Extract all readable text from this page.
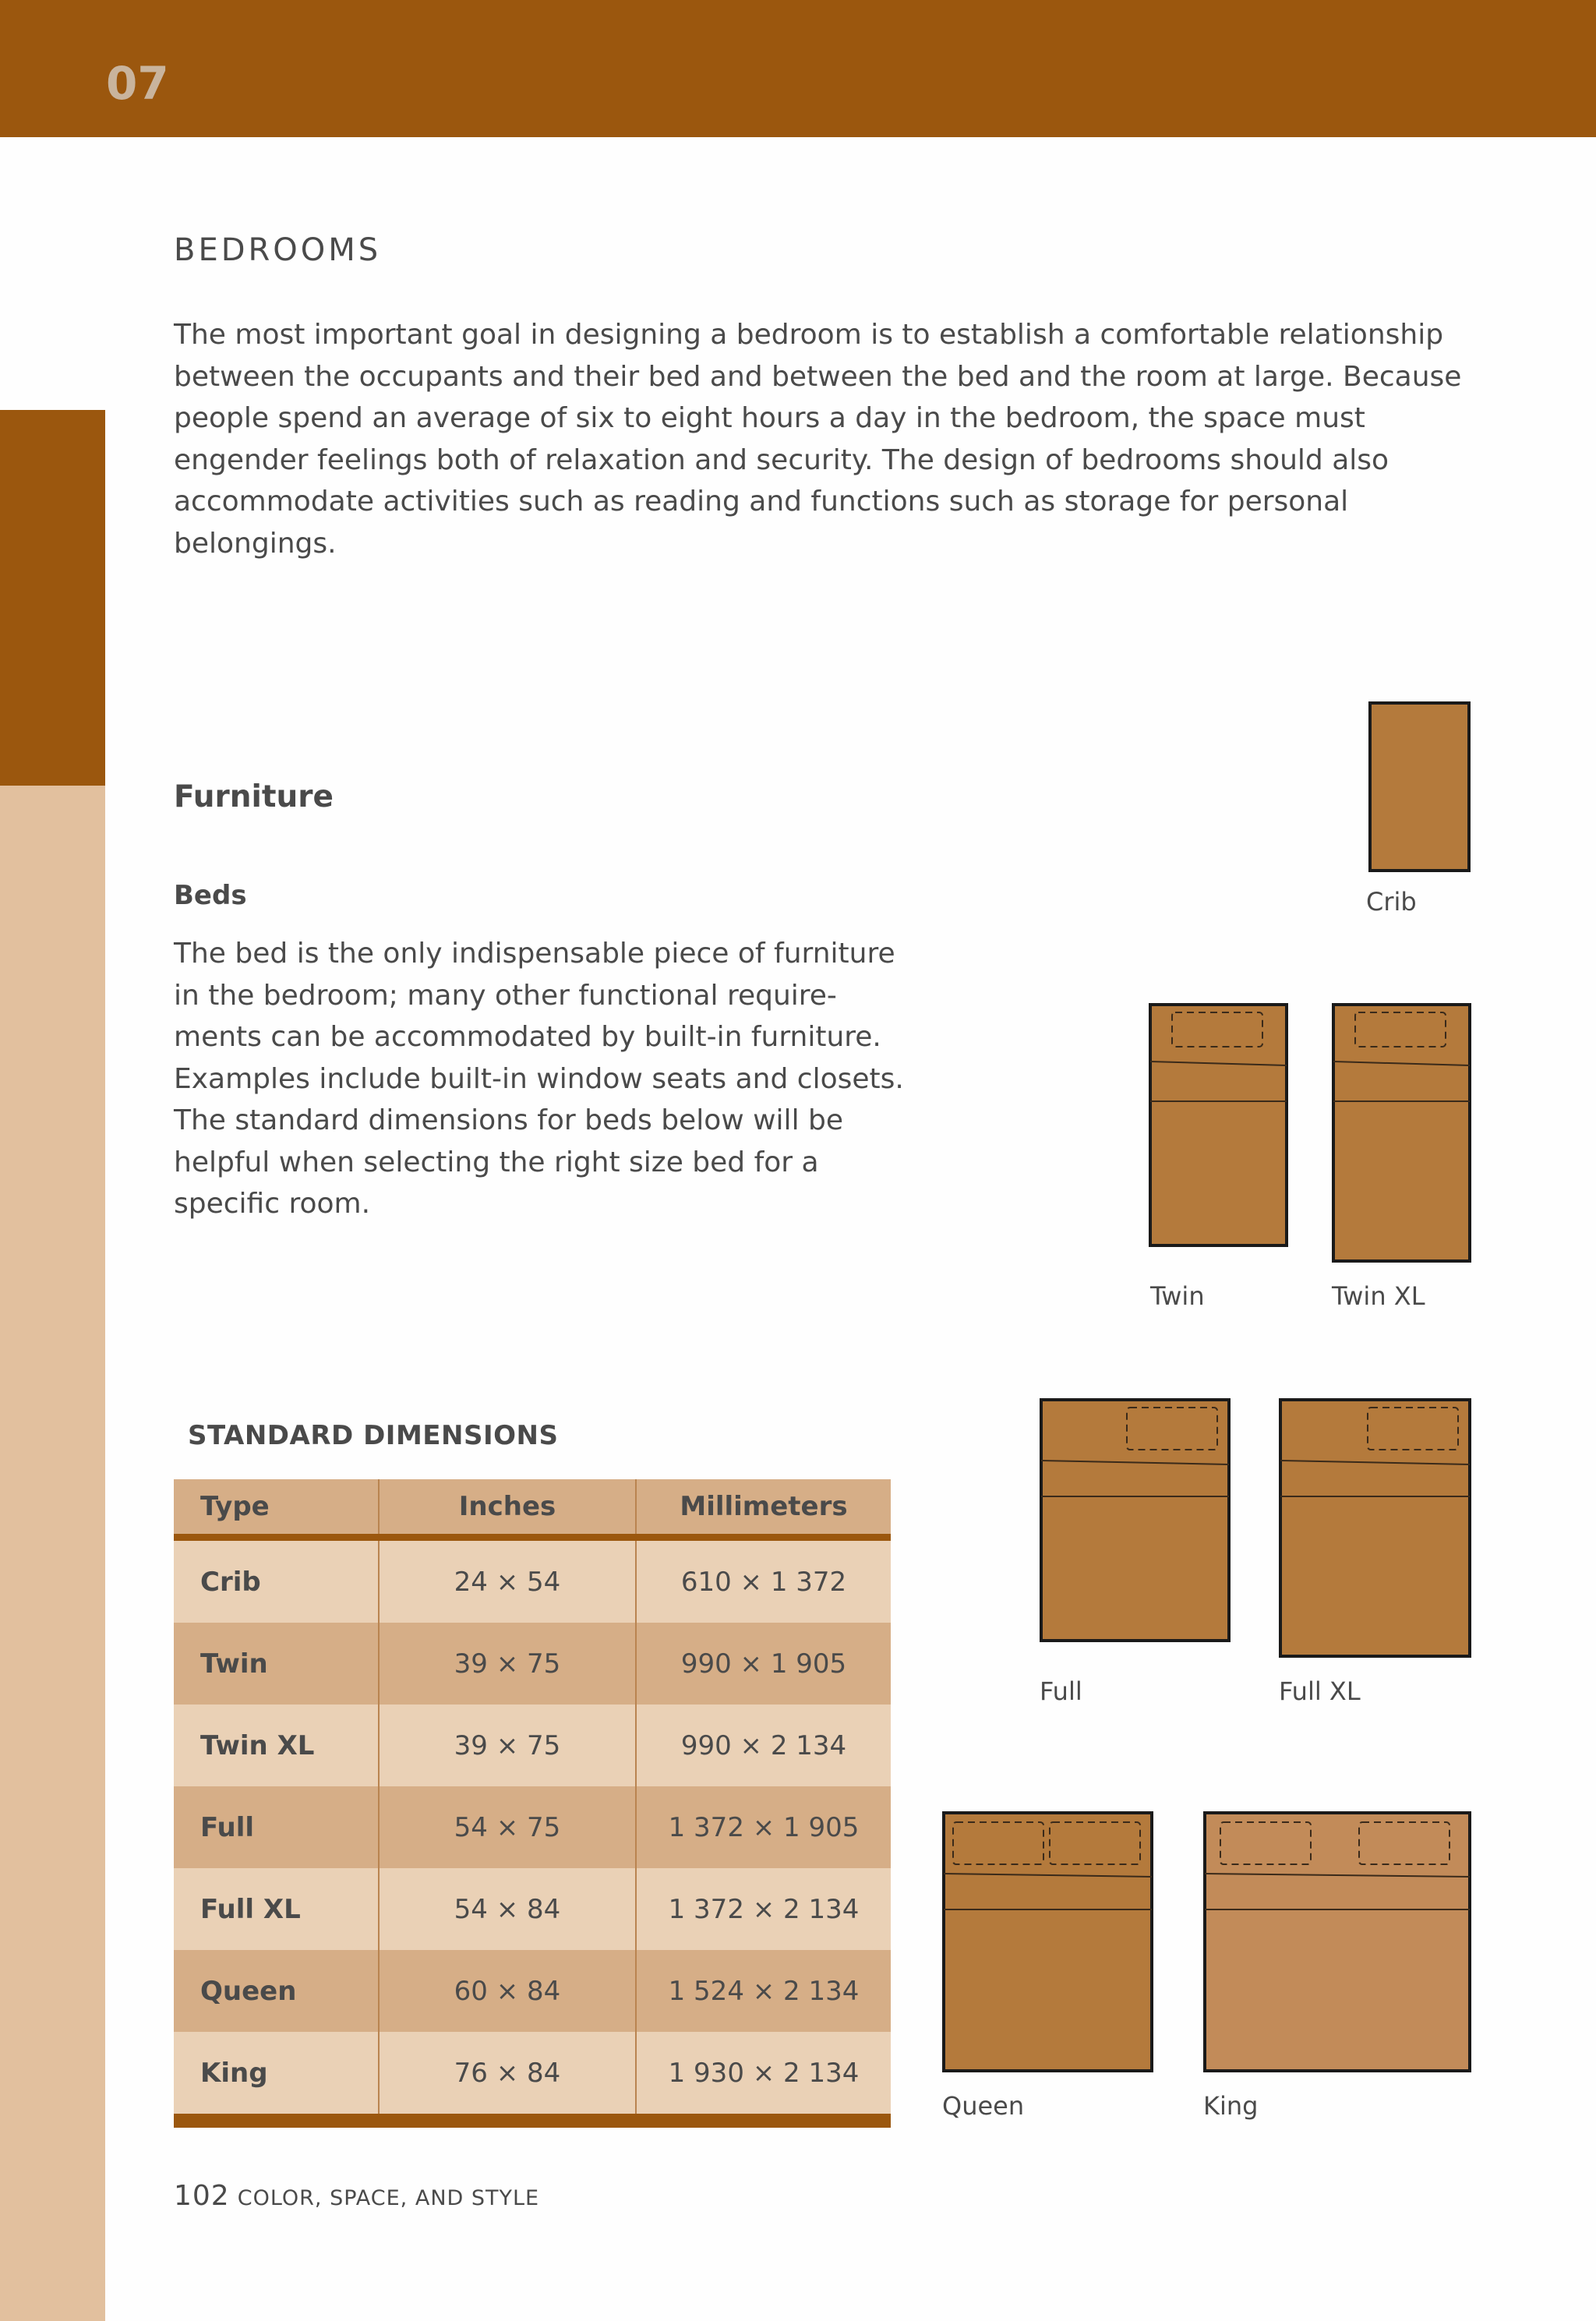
07
BEDROOMS

The most important goal in designing a bedroom is to establish a comfortable relationship between the occupants and their bed and between the bed and the room at large. Because people spend an average of six to eight hours a day in the bedroom, the space must engender feelings both of relaxation and security. The design of bedrooms should also accommodate activities such as reading and functions such as storage for personal belongings.

Furniture
Beds

The bed is the only indispensable piece of furniture in the bedroom; many other functional require-ments can be accommodated by built-in furniture. Examples include built-in window seats and closets. The standard dimensions for beds below will be helpful when selecting the right size bed for a specific room.

STANDARD DIMENSIONS
Type	Inches	Millimeters
Crib	24 × 54	610 × 1 372
Twin	39 × 75	990 × 1 905
Twin XL	39 × 75	990 × 2 134
Full	54 × 75	1 372 × 1 905
Full XL	54 × 84	1 372 × 2 134
Queen	60 × 84	1 524 × 2 134
King	76 × 84	1 930 × 2 134
102 COLOR, SPACE, AND STYLE
Crib
Twin	Twin XL
Full	Full XL
Queen	King
